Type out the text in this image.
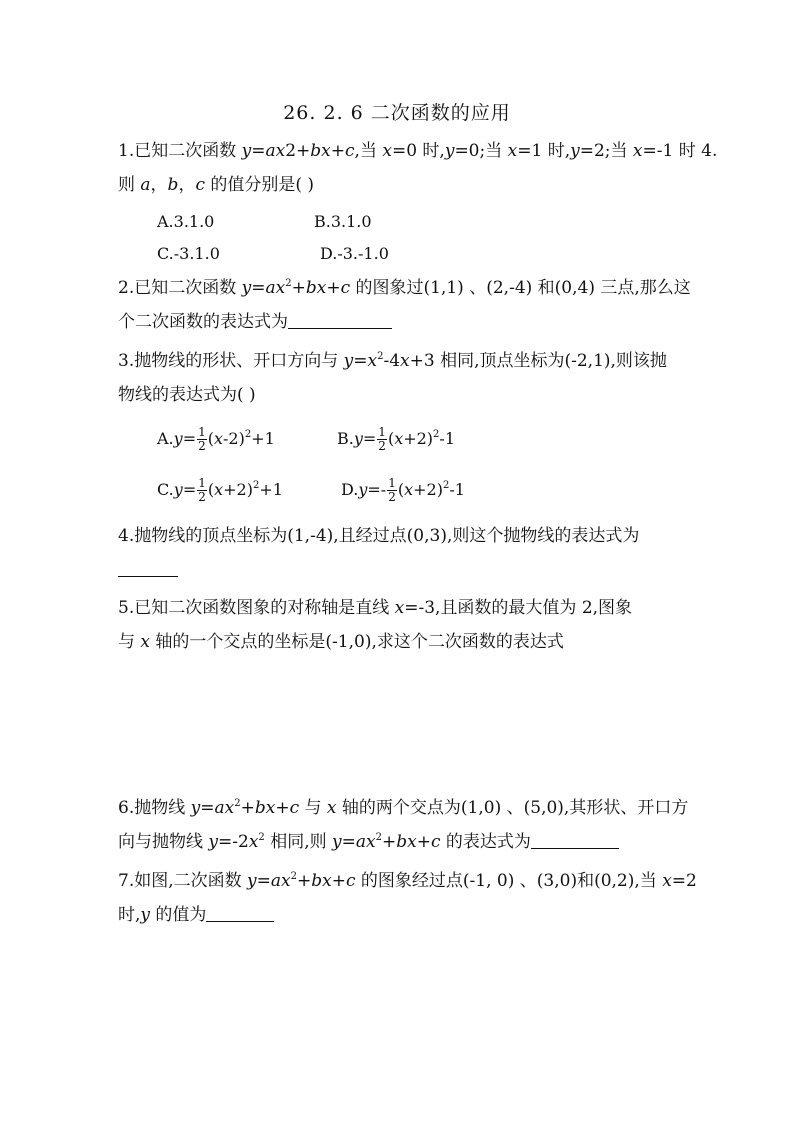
26. 2. 6 二次函数的应用
1.已知二次函数 y=ax2+bx+c,当 x=0 时,y=0;当 x=1 时,y=2;当 x=-1 时 4.
则 a，b，c 的值分别是( )
A.3.1.0	B.3.1.0
C.-3.1.0	D.-3.-1.0
2.已知二次函数 $y=ax^2+bx+c$ 的图象过(1,1) 、(2,-4) 和(0,4) 三点,那么这
个二次函数的表达式为
3.抛物线的形状、开口方向与 $y=x^2-4x+3$ 相同,顶点坐标为(-2,1),则该抛
物线的表达式为( )
$A.y= \frac{1}{2} (x-2)^2+1$	$B.y= \frac{1}{2} (x+2)^2-1$
$C.y= \frac{1}{2} (x+2)^2+1$	$D.y=- \frac{1}{2} (x+2)^2-1$
4.抛物线的顶点坐标为(1,-4),且经过点(0,3),则这个抛物线的表达式为
5.已知二次函数图象的对称轴是直线 x=-3,且函数的最大值为 2,图象
与 x 轴的一个交点的坐标是(-1,0),求这个二次函数的表达式
6.抛物线 $y=ax^2+bx+c$ 与 x 轴的两个交点为(1,0) 、(5,0),其形状、开口方
向与抛物线 $y=-2x^2$ 相同,则 $y=ax^2+bx+c$ 的表达式为
7.如图,二次函数 $y=ax^2+bx+c$ 的图象经过点(-1, 0) 、(3,0)和(0,2),当 x=2
时,y 的值为
